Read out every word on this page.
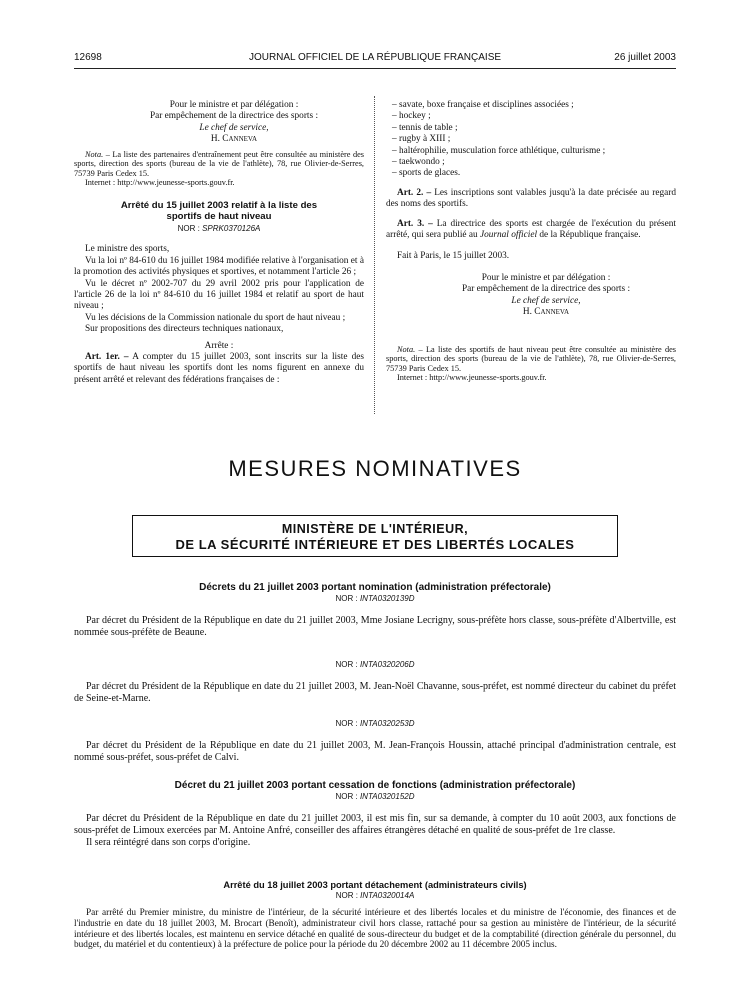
12698	JOURNAL OFFICIEL DE LA RÉPUBLIQUE FRANÇAISE	26 juillet 2003

Pour le ministre et par délégation :

Par empêchement de la directrice des sports :

Le chef de service,

H. Canneva

Nota. – La liste des partenaires d'entraînement peut être consultée au ministère des sports, direction des sports (bureau de la vie de l'athlète), 78, rue Olivier-de-Serres, 75739 Paris Cedex 15.

Internet : http://www.jeunesse-sports.gouv.fr.

Arrêté du 15 juillet 2003 relatif à la liste des sportifs de haut niveau

NOR : SPRK0370126A

Le ministre des sports,

Vu la loi nº 84-610 du 16 juillet 1984 modifiée relative à l'organisation et à la promotion des activités physiques et sportives, et notamment l'article 26 ;

Vu le décret nº 2002-707 du 29 avril 2002 pris pour l'application de l'article 26 de la loi nº 84-610 du 16 juillet 1984 et relatif au sport de haut niveau ;

Vu les décisions de la Commission nationale du sport de haut niveau ;

Sur propositions des directeurs techniques nationaux,

Arrête :

Art. 1er. – A compter du 15 juillet 2003, sont inscrits sur la liste des sportifs de haut niveau les sportifs dont les noms figurent en annexe du présent arrêté et relevant des fédérations françaises de :

– savate, boxe française et disciplines associées ;

– hockey ;

– tennis de table ;

– rugby à XIII ;

– haltérophilie, musculation force athlétique, culturisme ;

– taekwondo ;

– sports de glaces.

Art. 2. – Les inscriptions sont valables jusqu'à la date précisée au regard des noms des sportifs.

Art. 3. – La directrice des sports est chargée de l'exécution du présent arrêté, qui sera publié au Journal officiel de la République française.

Fait à Paris, le 15 juillet 2003.

Pour le ministre et par délégation :

Par empêchement de la directrice des sports :

Le chef de service,

H. Canneva

Nota. – La liste des sportifs de haut niveau peut être consultée au ministère des sports, direction des sports (bureau de la vie de l'athlète), 78, rue Olivier-de-Serres, 75739 Paris Cedex 15.

Internet : http://www.jeunesse-sports.gouv.fr.

MESURES NOMINATIVES
MINISTÈRE DE L'INTÉRIEUR,
DE LA SÉCURITÉ INTÉRIEURE ET DES LIBERTÉS LOCALES
Décrets du 21 juillet 2003 portant nomination (administration préfectorale)
NOR : INTA0320139D
Par décret du Président de la République en date du 21 juillet 2003, Mme Josiane Lecrigny, sous-préfète hors classe, sous-préfète d'Albertville, est nommée sous-préfète de Beaune.
NOR : INTA0320206D
Par décret du Président de la République en date du 21 juillet 2003, M. Jean-Noël Chavanne, sous-préfet, est nommé directeur du cabinet du préfet de Seine-et-Marne.
NOR : INTA0320253D
Par décret du Président de la République en date du 21 juillet 2003, M. Jean-François Houssin, attaché principal d'administration centrale, est nommé sous-préfet, sous-préfet de Calvi.
Décret du 21 juillet 2003 portant cessation de fonctions (administration préfectorale)
NOR : INTA0320152D
Par décret du Président de la République en date du 21 juillet 2003, il est mis fin, sur sa demande, à compter du 10 août 2003, aux fonctions de sous-préfet de Limoux exercées par M. Antoine Anfré, conseiller des affaires étrangères détaché en qualité de sous-préfet de 1re classe.
Il sera réintégré dans son corps d'origine.
Arrêté du 18 juillet 2003 portant détachement (administrateurs civils)
NOR : INTA0320014A
Par arrêté du Premier ministre, du ministre de l'intérieur, de la sécurité intérieure et des libertés locales et du ministre de l'économie, des finances et de l'industrie en date du 18 juillet 2003, M. Brocart (Benoît), administrateur civil hors classe, rattaché pour sa gestion au ministère de l'intérieur, de la sécurité intérieure et des libertés locales, est maintenu en service détaché en qualité de sous-directeur du budget et de la comptabilité (direction générale du personnel, du budget, du matériel et du contentieux) à la préfecture de police pour la période du 20 décembre 2002 au 11 décembre 2005 inclus.
